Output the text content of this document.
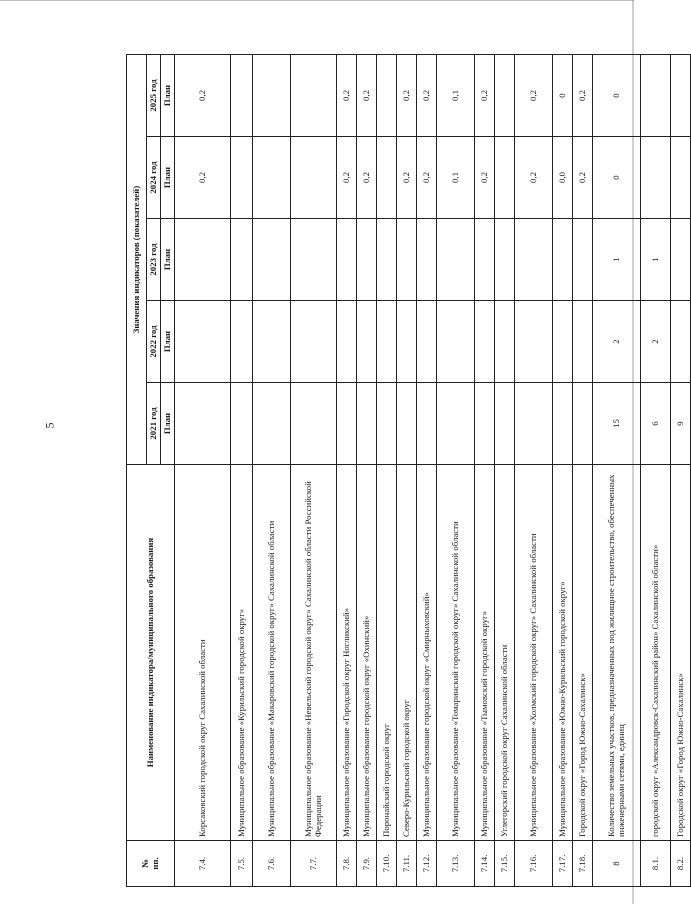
5
№
пп.	Наименование индикатора/муниципального образования	Значения индикаторов (показателей)				
		2021 год	2022 год	2023 год	2024 год	2025 год
		План	План	План	План	План
7.4.	Корсаковский городской округ Сахалинской области				0,2	0,2
7.5.	Муниципальное образование «Курильский городской округ»					
7.6.	Муниципальное образование «Макаровский городской округ» Сахалинской области					
7.7.	Муниципальное образование «Невельский городской округ» Сахалинской области Российской Федерации					
7.8.	Муниципальное образование «Городской округ Ногликский»				0,2	0,2
7.9.	Муниципальное образование городской округ «Охинский»				0,2	0,2
7.10.	Поронайский городской округ					
7.11.	Северо-Курильский городской округ				0,2	0,2
7.12.	Муниципальное образование городской округ «Смирныховский»				0,2	0,2
7.13.	Муниципальное образование «Томаринский городской округ» Сахалинской области				0,1	0,1
7.14.	Муниципальное образование «Тымовский городской округ»				0,2	0,2
7.15.	Углегорский городской округ Сахалинской области					
7.16.	Муниципальное образование «Холмский городской округ» Сахалинской области				0,2	0,2
7.17.	Муниципальное образование «Южно-Курильский городской округ»				0,0	0
7.18.	Городской округ «Город Южно-Сахалинск»				0,2	0,2
8	Количество земельных участков, предназначенных под жилищное строительство, обеспеченных инженерными сетями, единиц	15	2	1	0	0
8.1.	городской округ «Александровск-Сахалинский район» Сахалинской области»	6	2	1		
8.2.	Городской округ «Город Южно-Сахалинск»	9				
